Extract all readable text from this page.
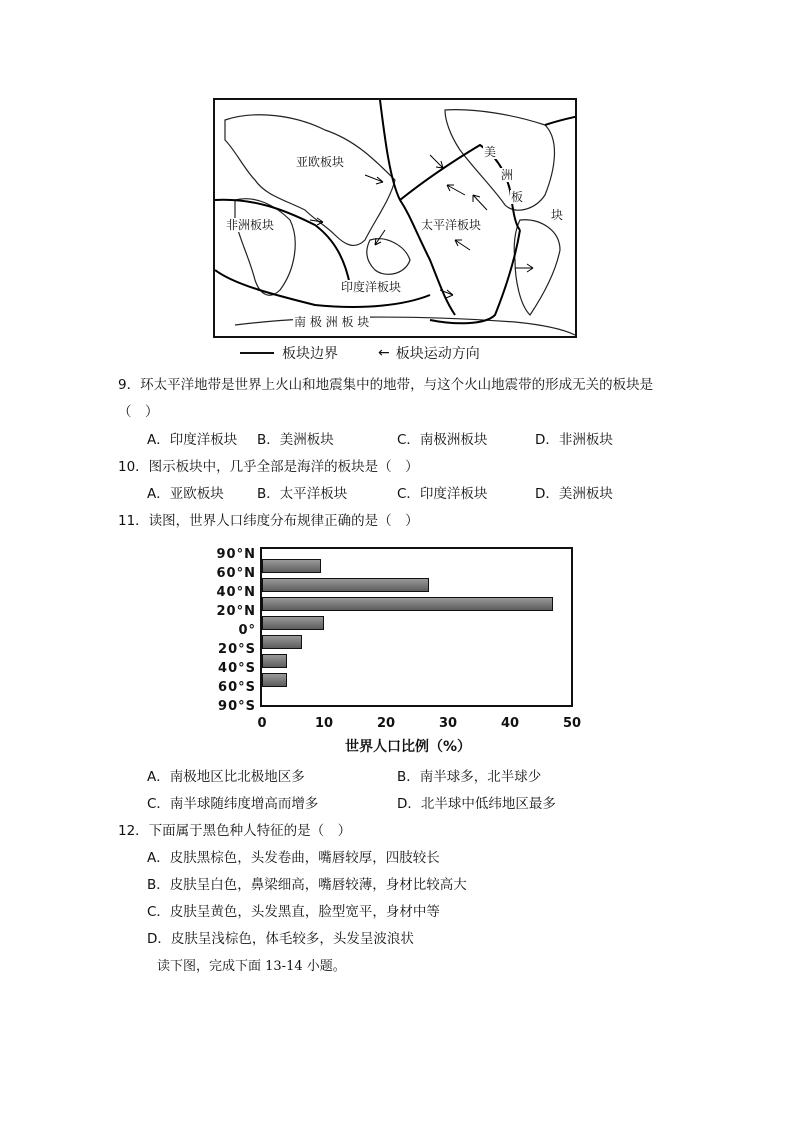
亚欧板块
非洲板块	太平洋板块
印度洋板块
美
洲
板
块
南 极 洲 板 块
板块边界	← 板块运动方向
9．环太平洋地带是世界上火山和地震集中的地带，与这个火山地震带的形成无关的板块是
（　）
A．印度洋板块 B．美洲板块	C．南极洲板块	D．非洲板块
10．图示板块中，几乎全部是海洋的板块是（　）
A．亚欧板块 B．太平洋板块	C．印度洋板块	D．美洲板块
11．读图，世界人口纬度分布规律正确的是（　）
90°N
60°N
40°N
20°N
0°
20°S
40°S
60°S
90°S
0	10	20	30	40	50
世界人口比例（%）
A．南极地区比北极地区多	B．南半球多，北半球少
C．南半球随纬度增高而增多	D．北半球中低纬地区最多
12．下面属于黑色种人特征的是（　）
A．皮肤黑棕色，头发卷曲，嘴唇较厚，四肢较长
B．皮肤呈白色，鼻梁细高，嘴唇较薄，身材比较高大
C．皮肤呈黄色，头发黑直，脸型宽平，身材中等
D．皮肤呈浅棕色，体毛较多，头发呈波浪状
读下图，完成下面 13-14 小题。
